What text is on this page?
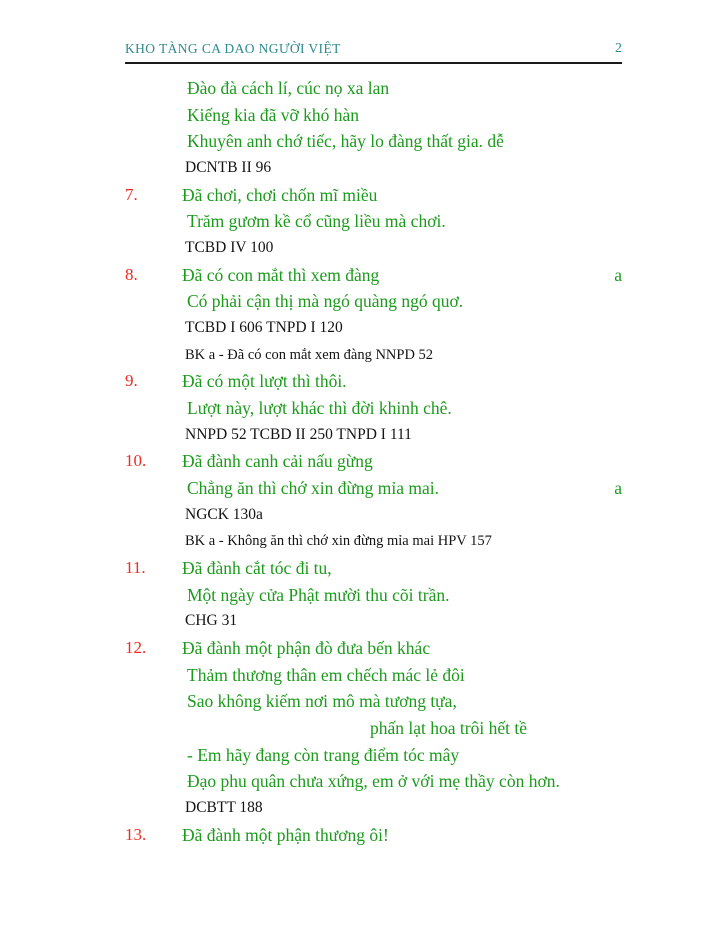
KHO TÀNG CA DAO NGƯỜI VIỆT	2
Đào đà cách lí, cúc nọ xa lan
Kiếng kia đã vỡ khó hàn
Khuyên anh chớ tiếc, hãy lo đàng thất gia. dễ
DCNTB II 96
7.	Đã chơi, chơi chốn mĩ miều
Trăm gươm kề cổ cũng liều mà chơi.
TCBD IV 100
8.	Đã có con mắt thì xem đàng	a
Có phải cận thị mà ngó quàng ngó quơ.
TCBD I 606 TNPD I 120
BK a - Đã có con mắt xem đàng NNPD 52
9.	Đã có một lượt thì thôi.
Lượt này, lượt khác thì đời khinh chê.
NNPD 52 TCBD II 250 TNPD I 111
10. Đã đành canh cải nấu gừng
Chẳng ăn thì chớ xin đừng mỉa mai.	a
NGCK 130a
BK a - Không ăn thì chớ xin đừng mỉa mai HPV 157
11. Đã đành cắt tóc đi tu,
Một ngày cửa Phật mười thu cõi trần.
CHG 31
12. Đã đành một phận đò đưa bến khác
Thảm thương thân em chếch mác lẻ đôi
Sao không kiếm nơi mô mà tương tựa,
phấn lạt hoa trôi hết tề
- Em hãy đang còn trang điểm tóc mây
Đạo phu quân chưa xứng, em ở với mẹ thầy còn hơn.
DCBTT 188
13. Đã đành một phận thương ôi!
